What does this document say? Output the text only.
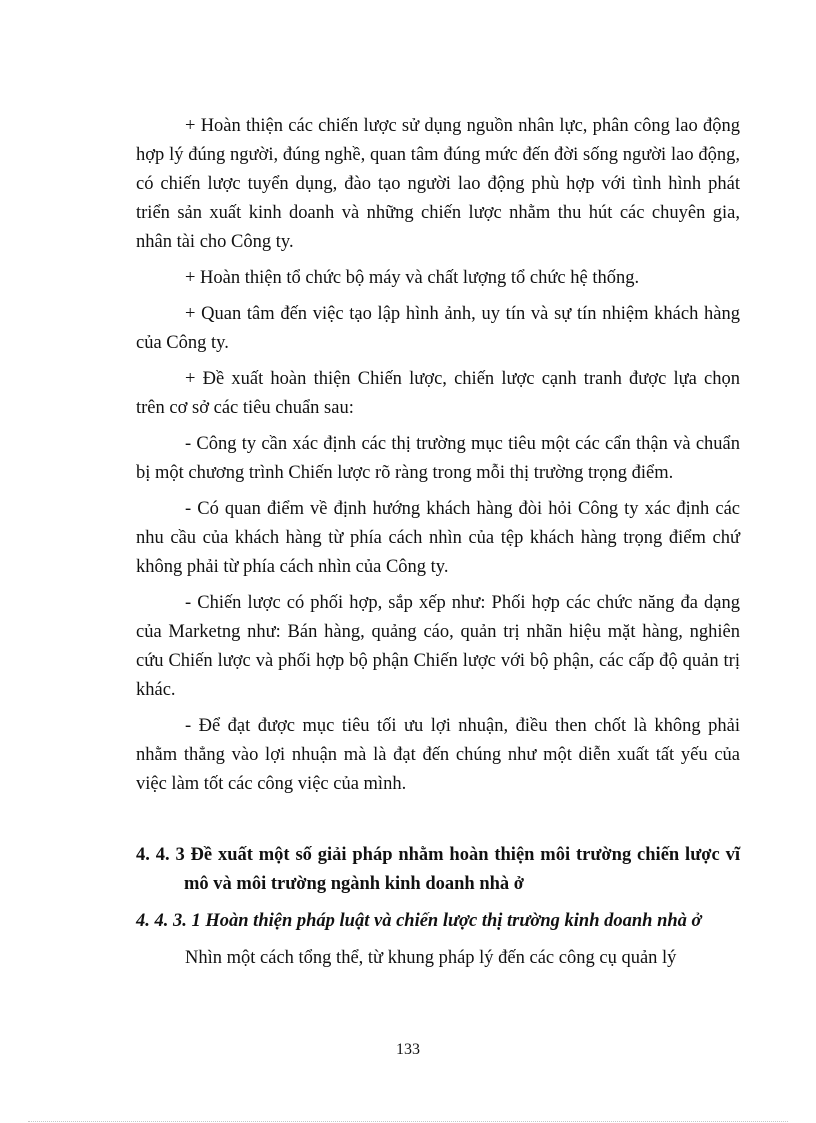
+ Hoàn thiện các chiến lược sử dụng nguồn nhân lực, phân công lao động hợp lý đúng người, đúng nghề, quan tâm đúng mức đến đời sống người lao động, có chiến lược tuyển dụng, đào tạo người lao động phù hợp với tình hình phát triển sản xuất kinh doanh và những chiến lược nhằm thu hút các chuyên gia, nhân tài cho Công ty.

+ Hoàn thiện tổ chức bộ máy và chất lượng tổ chức hệ thống.

+ Quan tâm đến việc tạo lập hình ảnh, uy tín và sự tín nhiệm khách hàng của Công ty.

+ Đề xuất hoàn thiện Chiến lược, chiến lược cạnh tranh được lựa chọn trên cơ sở các tiêu chuẩn sau:

- Công ty cần xác định các thị trường mục tiêu một các cẩn thận và chuẩn bị một chương trình Chiến lược rõ ràng trong mỗi thị trường trọng điểm.

- Có quan điểm về định hướng khách hàng đòi hỏi Công ty xác định các nhu cầu của khách hàng từ phía cách nhìn của tệp khách hàng trọng điểm chứ không phải từ phía cách nhìn của Công ty.

- Chiến lược có phối hợp, sắp xếp như: Phối hợp các chức năng đa dạng của Marketng như: Bán hàng, quảng cáo, quản trị nhãn hiệu mặt hàng, nghiên cứu Chiến lược và phối hợp bộ phận Chiến lược với bộ phận, các cấp độ quản trị khác.

- Để đạt được mục tiêu tối ưu lợi nhuận, điều then chốt là không phải nhằm thẳng vào lợi nhuận mà là đạt đến chúng như một diễn xuất tất yếu của việc làm tốt các công việc của mình.

4. 4. 3 Đề xuất một số giải pháp nhằm hoàn thiện môi trường chiến lược vĩ mô và môi trường ngành kinh doanh nhà ở

4. 4. 3. 1 Hoàn thiện pháp luật và chiến lược thị trường kinh doanh nhà ở

Nhìn một cách tổng thể, từ khung pháp lý đến các công cụ quản lý

133
